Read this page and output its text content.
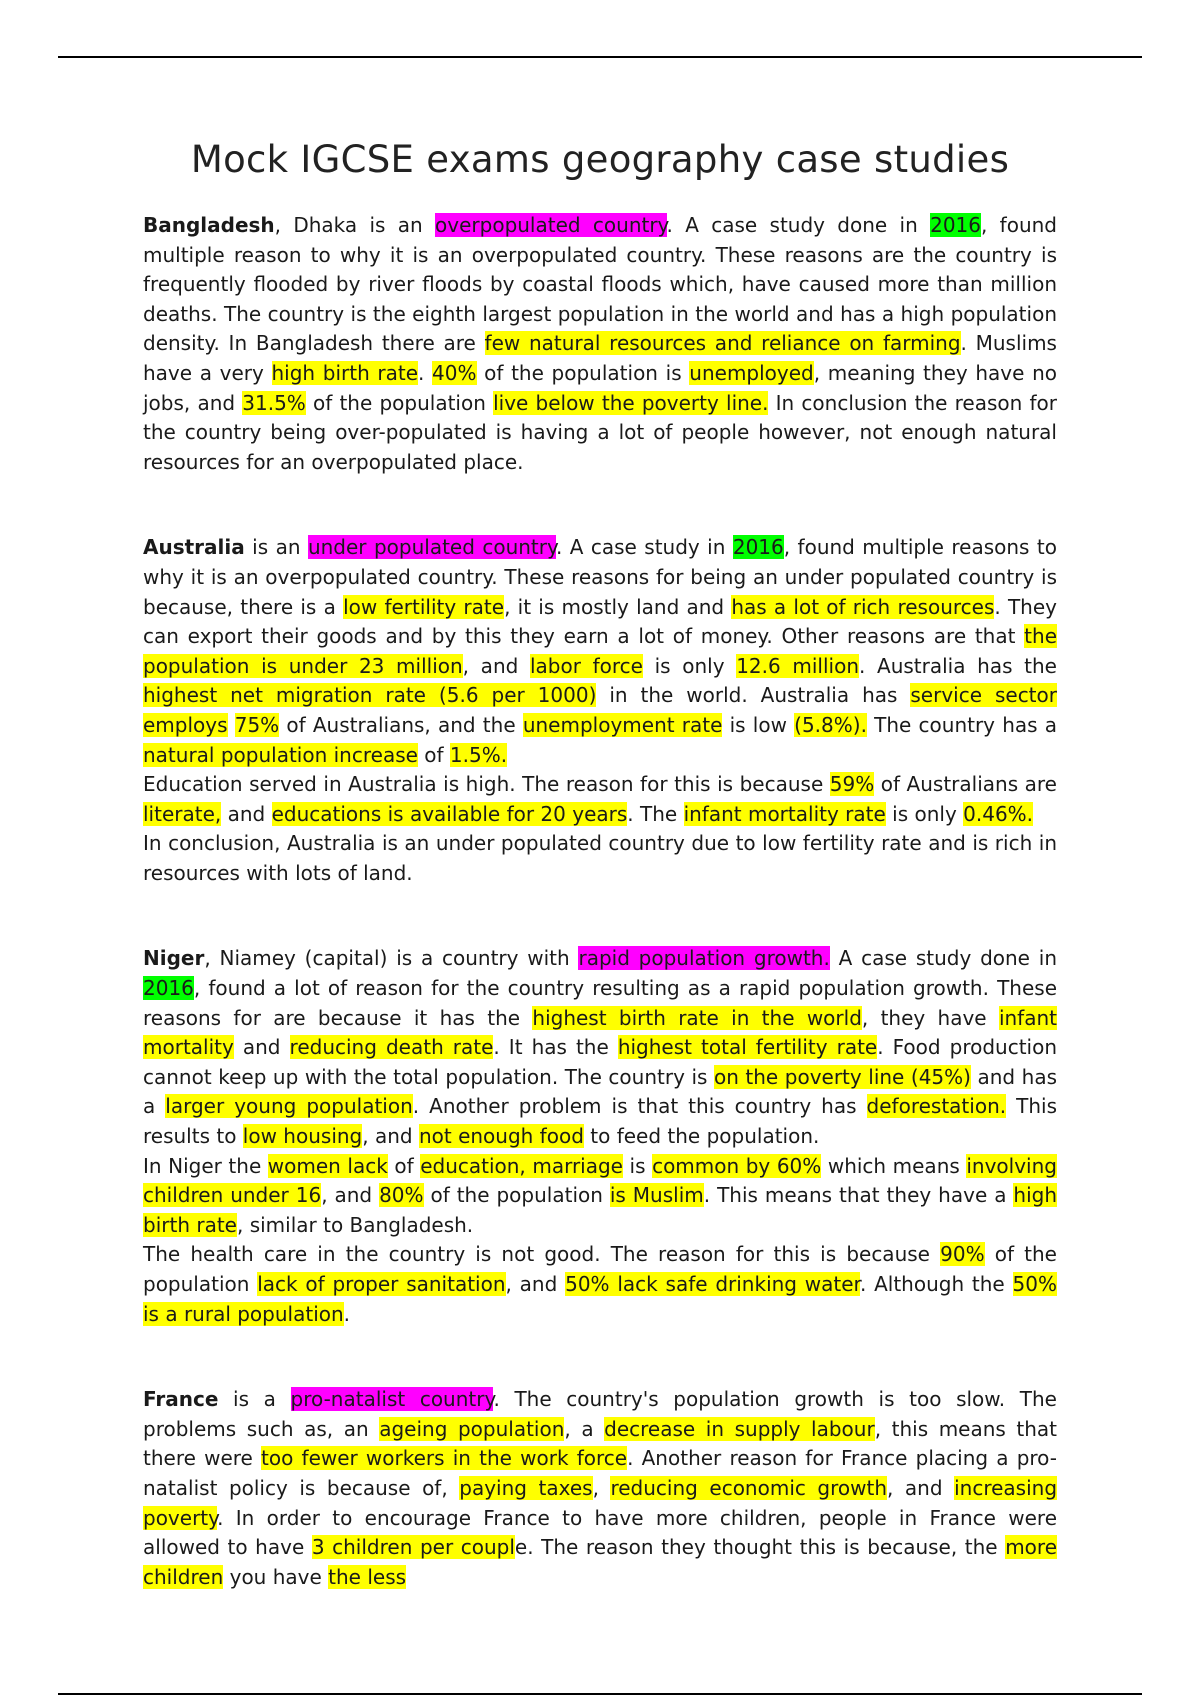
Mock IGCSE exams geography case studies

Bangladesh, Dhaka is an overpopulated country. A case study done in 2016, found multiple reason to why it is an overpopulated country. These reasons are the country is frequently flooded by river floods by coastal floods which, have caused more than million deaths. The country is the eighth largest population in the world and has a high population density. In Bangladesh there are few natural resources and reliance on farming. Muslims have a very high birth rate. 40% of the population is unemployed, meaning they have no jobs, and 31.5% of the population live below the poverty line. In conclusion the reason for the country being over-populated is having a lot of people however, not enough natural resources for an overpopulated place.

Australia is an under populated country. A case study in 2016, found multiple reasons to why it is an overpopulated country. These reasons for being an under populated country is because, there is a low fertility rate, it is mostly land and has a lot of rich resources. They can export their goods and by this they earn a lot of money. Other reasons are that the population is under 23 million, and labor force is only 12.6 million. Australia has the highest net migration rate (5.6 per 1000) in the world. Australia has service sector employs 75% of Australians, and the unemployment rate is low (5.8%). The country has a natural population increase of 1.5%.

Education served in Australia is high. The reason for this is because 59% of Australians are literate, and educations is available for 20 years. The infant mortality rate is only 0.46%.

In conclusion, Australia is an under populated country due to low fertility rate and is rich in resources with lots of land.

Niger, Niamey (capital) is a country with rapid population growth. A case study done in 2016, found a lot of reason for the country resulting as a rapid population growth. These reasons for are because it has the highest birth rate in the world, they have infant mortality and reducing death rate. It has the highest total fertility rate. Food production cannot keep up with the total population. The country is on the poverty line (45%) and has a larger young population. Another problem is that this country has deforestation. This results to low housing, and not enough food to feed the population.

In Niger the women lack of education, marriage is common by 60% which means involving children under 16, and 80% of the population is Muslim. This means that they have a high birth rate, similar to Bangladesh.

The health care in the country is not good. The reason for this is because 90% of the population lack of proper sanitation, and 50% lack safe drinking water. Although the 50% is a rural population.

France is a pro-natalist country. The country's population growth is too slow. The problems such as, an ageing population, a decrease in supply labour, this means that there were too fewer workers in the work force. Another reason for France placing a pro-natalist policy is because of, paying taxes, reducing economic growth, and increasing poverty. In order to encourage France to have more children, people in France were allowed to have 3 children per couple. The reason they thought this is because, the more children you have the less
